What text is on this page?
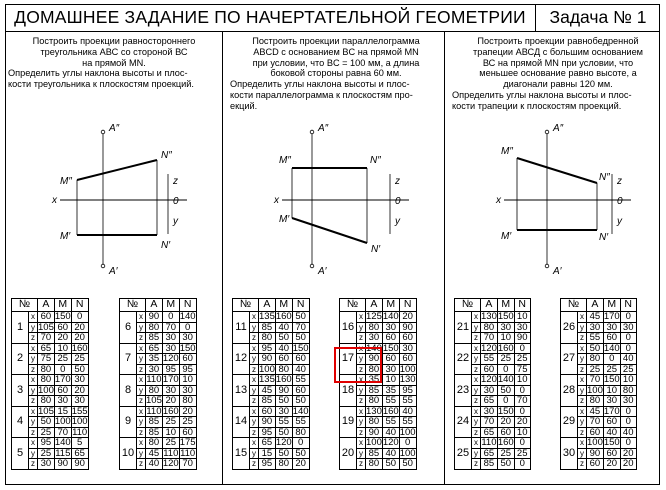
ДОМАШНЕЕ ЗАДАНИЕ ПО НАЧЕРТАТЕЛЬНОЙ ГЕОМЕТРИИ	Задача № 1
Построить проекции равностороннего
треугольника АВС со стороной ВС
на прямой MN.
Определить углы наклона высоты и плос-
кости треугольника к плоскостям проекций.
Построить проекции параллелограмма
ABCD с основанием BC на прямой MN
при условии, что BC = 100 мм, а длина
боковой стороны равна 60 мм.
Определить углы наклона высоты и плос-
кости параллелограмма к плоскостям про-
екций.
Построить проекции равнобедренной
трапеции АВСД с большим основанием
ВС на прямой MN при условии, что
меньшее основание равно высоте, а
диагонали равны 120 мм.
Определить углы наклона высоты и плос-
кости трапеции к плоскостям проекций.
A″
A′
M″
M′
N″
N′
x
z
0
y
A″
A′
M″
M′
N″
N′
x
z
0
y
A″
A′
M″
M′
N″
N′
x
z
0
y
№		A	M	N
1	x	60	150	0
	y	105	60	20
	z	70	20	20
2	x	65	10	160
	y	75	25	25
	z	80	0	50
3	x	80	170	30
	y	100	60	20
	z	80	30	30
4	x	105	15	155
	y	50	100	100
	z	25	70	110
5	x	95	140	5
	y	25	115	65
	z	30	90	90
№		A	M	N
6	x	90	0	140
	y	80	70	0
	z	85	30	30
7	x	65	30	150
	y	35	120	60
	z	30	95	95
8	x	110	170	10
	y	80	30	30
	z	105	20	80
9	x	110	160	20
	y	85	25	25
	z	85	10	60
10	x	80	25	175
	y	45	110	110
	z	40	120	70
№		A	M	N
11	x	135	160	50
	y	85	40	70
	z	80	50	50
12	x	95	40	150
	y	90	60	60
	z	100	80	40
13	x	135	160	55
	y	45	90	60
	z	85	50	50
14	x	60	30	140
	y	90	55	55
	z	95	50	80
15	x	65	120	0
	y	15	50	50
	z	95	80	20
№		A	M	N
16	x	125	140	20
	y	80	30	90
	z	30	60	60
17	x	140	150	30
	y	90	60	60
	z	80	30	100
18	x	35	10	130
	y	85	35	95
	z	80	55	55
19	x	130	160	40
	y	80	55	55
	z	90	40	100
20	x	100	120	0
	y	85	40	100
	z	80	50	50
№		A	M	N
21	x	130	150	10
	y	80	30	30
	z	70	10	90
22	x	120	160	0
	y	55	25	25
	z	60	0	75
23	x	120	140	10
	y	30	50	0
	z	65	0	70
24	x	30	150	0
	y	70	20	20
	z	65	60	10
25	x	110	160	0
	y	65	25	25
	z	85	50	0
№		A	M	N
26	x	45	170	0
	y	30	30	30
	z	55	60	0
27	x	50	140	0
	y	80	0	40
	z	25	25	25
28	x	70	150	10
	y	100	10	80
	z	80	30	30
29	x	45	170	0
	y	70	60	0
	z	60	40	40
30	x	100	150	0
	y	90	60	20
	z	60	20	20
